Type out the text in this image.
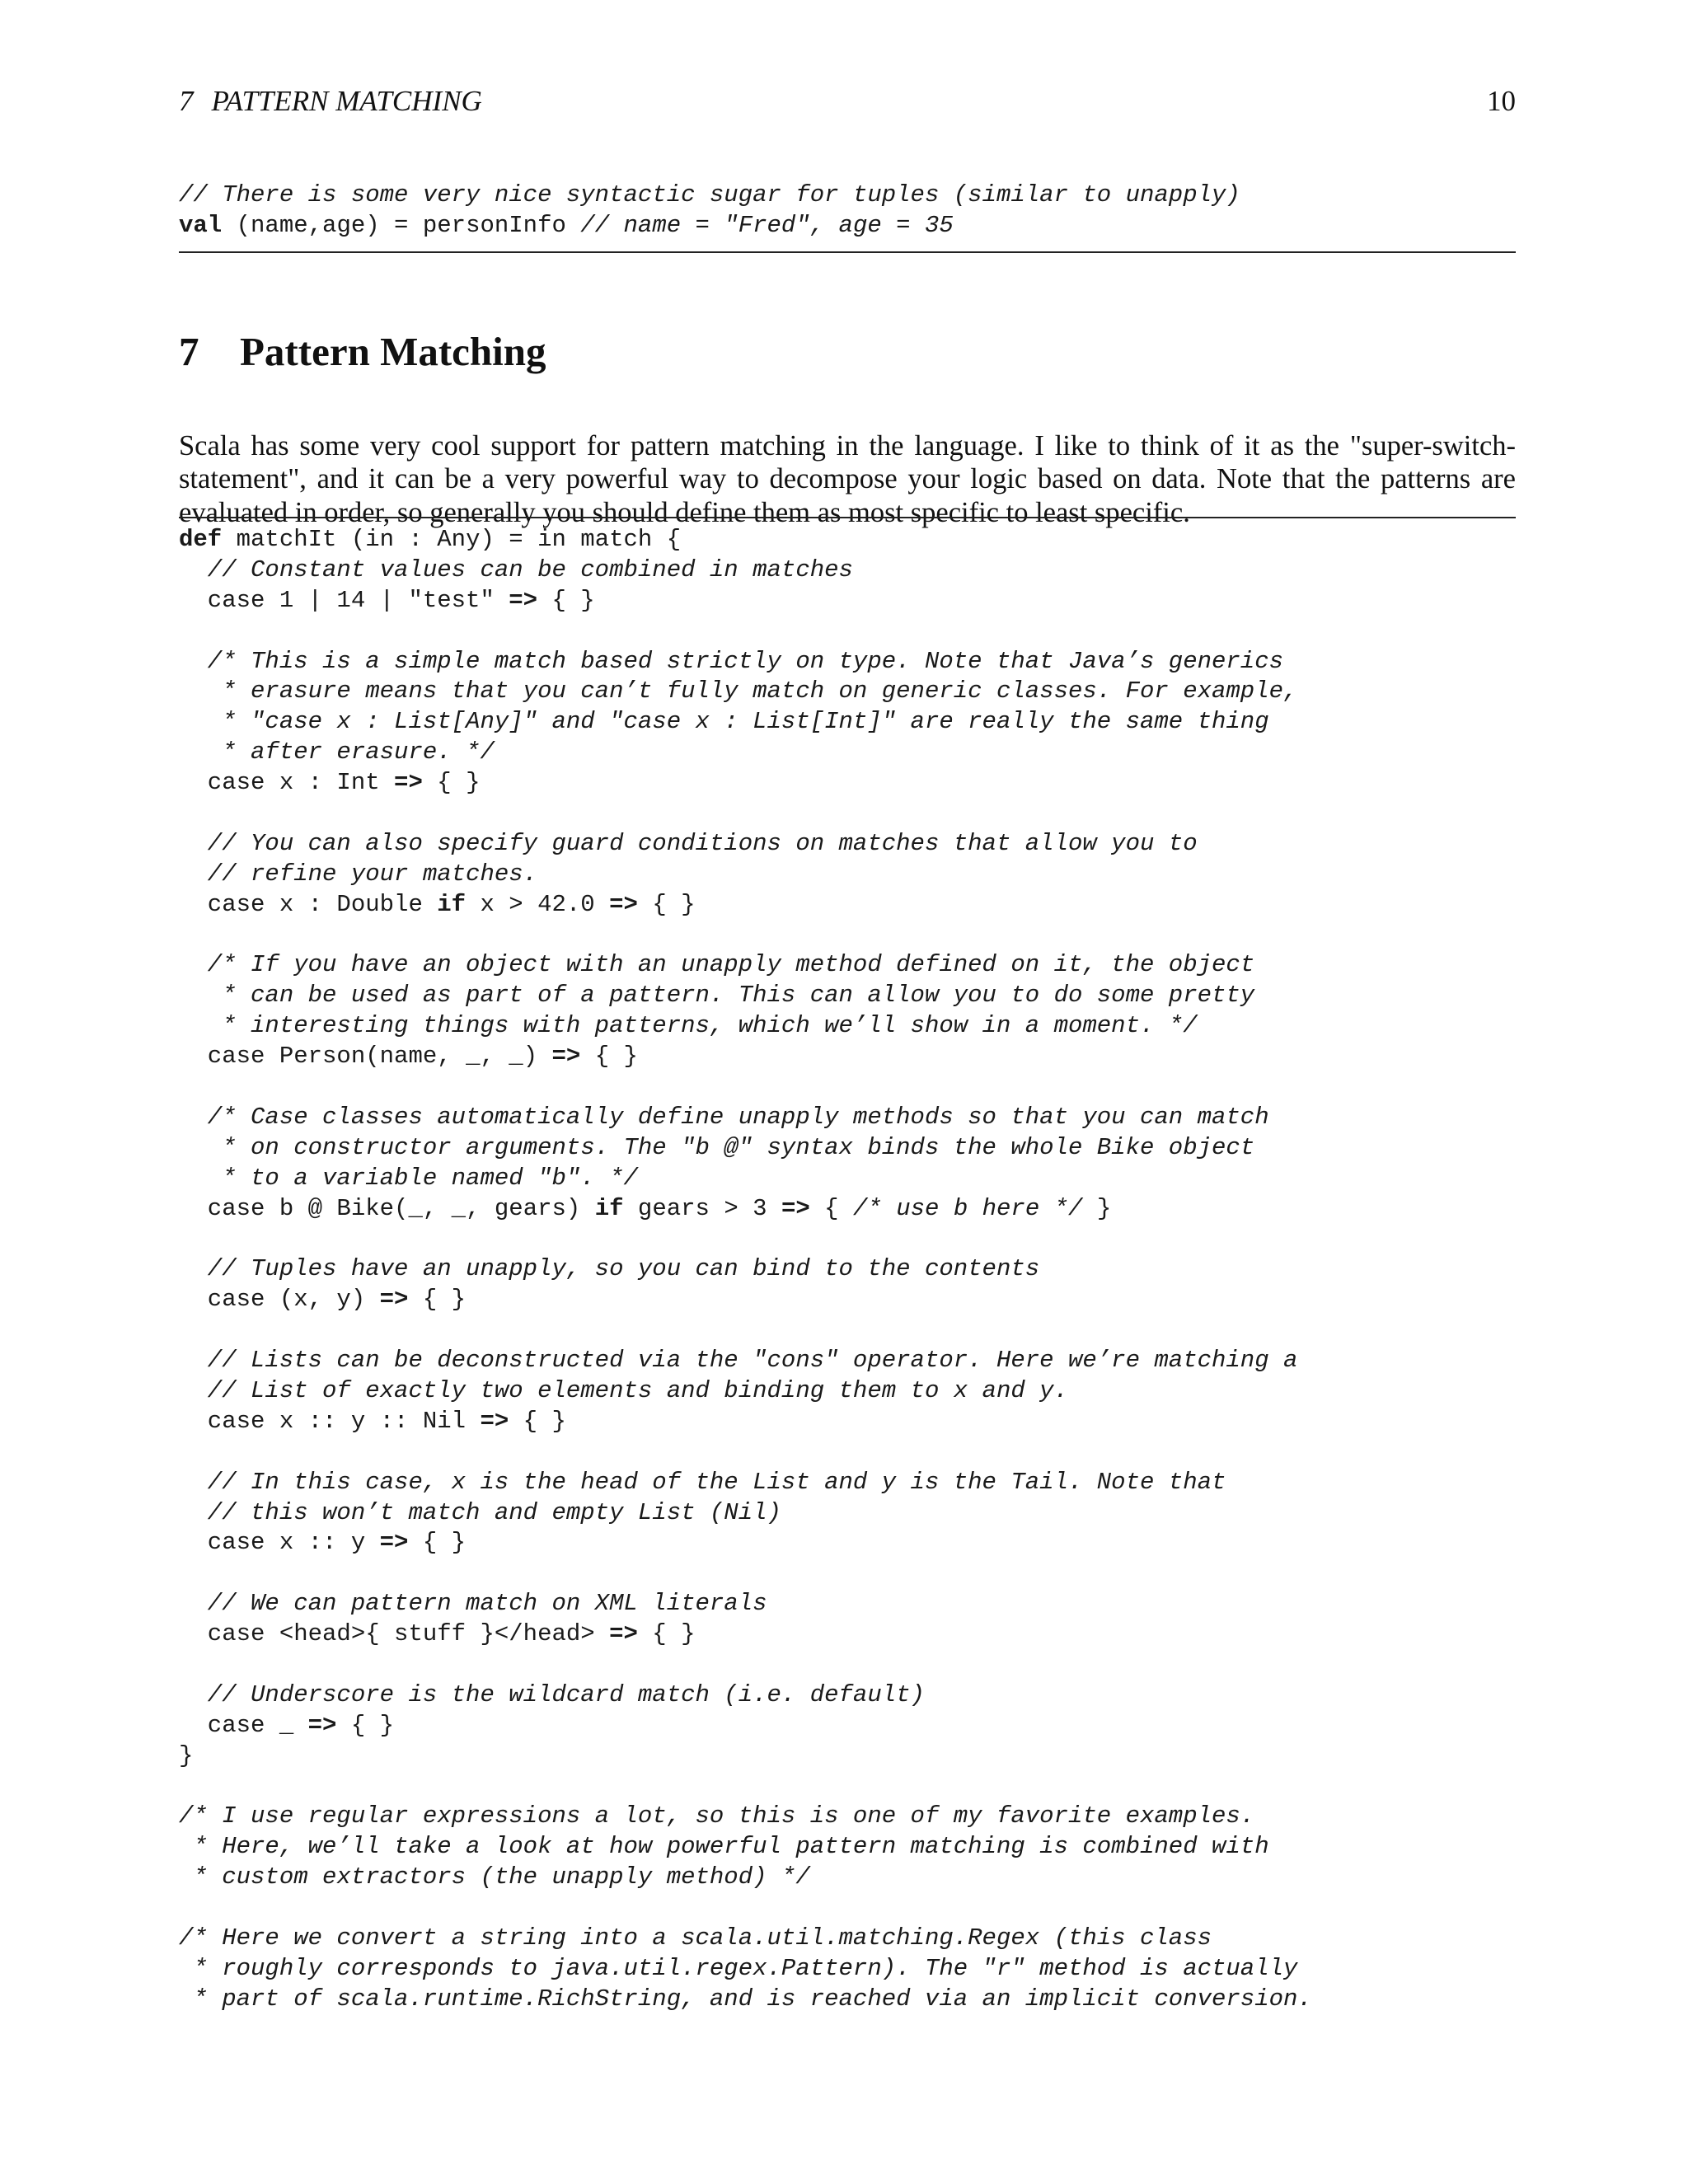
7 PATTERN MATCHING	10
// There is some very nice syntactic sugar for tuples (similar to unapply)
val (name,age) = personInfo // name = "Fred", age = 35
7 Pattern Matching

Scala has some very cool support for pattern matching in the language. I like to think of it as the "super-switch-statement", and it can be a very powerful way to decompose your logic based on data. Note that the patterns are evaluated in order, so generally you should define them as most specific to least specific.

def matchIt (in : Any) = in match {
// Constant values can be combined in matches
case 1 | 14 | "test" => { }

/* This is a simple match based strictly on type. Note that Java’s generics
* erasure means that you can’t fully match on generic classes. For example,
* "case x : List[Any]" and "case x : List[Int]" are really the same thing
* after erasure. */
case x : Int => { }

// You can also specify guard conditions on matches that allow you to
// refine your matches.
case x : Double if x > 42.0 => { }

/* If you have an object with an unapply method defined on it, the object
* can be used as part of a pattern. This can allow you to do some pretty
* interesting things with patterns, which we’ll show in a moment. */
case Person(name, _, _) => { }

/* Case classes automatically define unapply methods so that you can match
* on constructor arguments. The "b @" syntax binds the whole Bike object
* to a variable named "b". */
case b @ Bike(_, _, gears) if gears > 3 => { /* use b here */ }

// Tuples have an unapply, so you can bind to the contents
case (x, y) => { }

// Lists can be deconstructed via the "cons" operator. Here we’re matching a
// List of exactly two elements and binding them to x and y.
case x :: y :: Nil => { }

// In this case, x is the head of the List and y is the Tail. Note that
// this won’t match and empty List (Nil)
case x :: y => { }

// We can pattern match on XML literals
case <head>{ stuff }</head> => { }

// Underscore is the wildcard match (i.e. default)
case _ => { }
}

/* I use regular expressions a lot, so this is one of my favorite examples.
* Here, we’ll take a look at how powerful pattern matching is combined with
* custom extractors (the unapply method) */

/* Here we convert a string into a scala.util.matching.Regex (this class
* roughly corresponds to java.util.regex.Pattern). The "r" method is actually
* part of scala.runtime.RichString, and is reached via an implicit conversion.
